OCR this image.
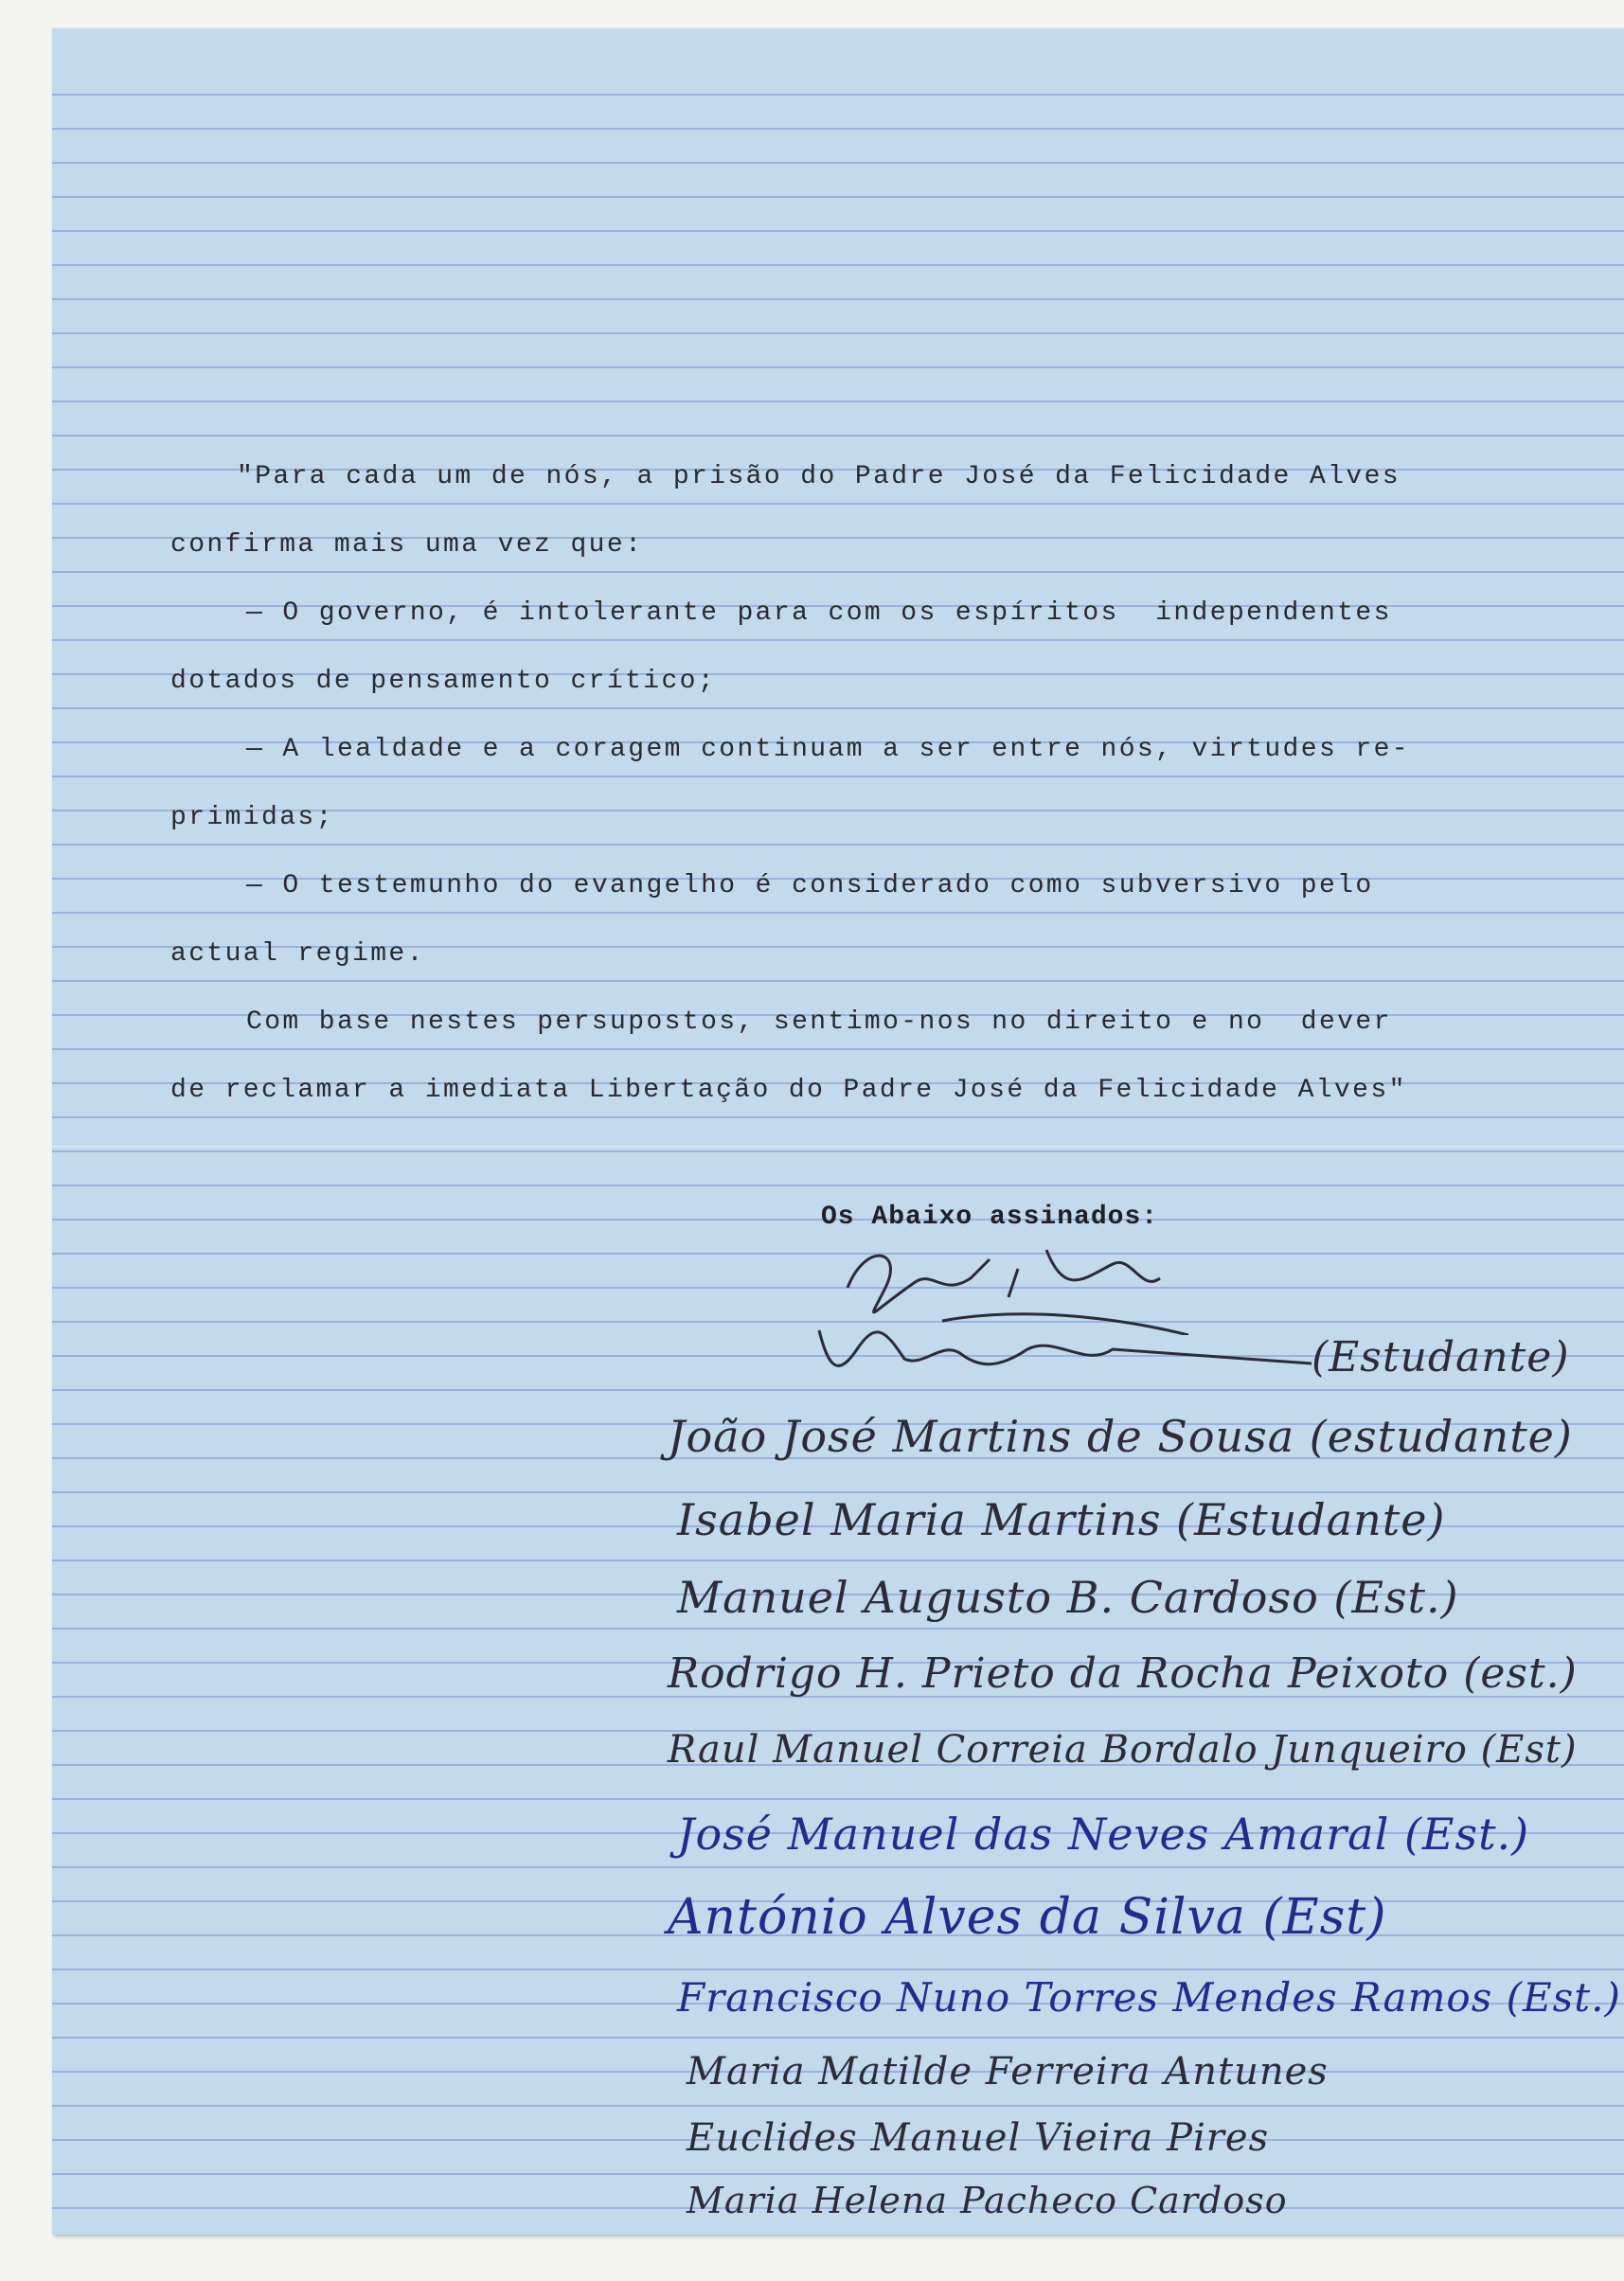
"Para cada um de nós, a prisão do Padre José da Felicidade Alves
confirma mais uma vez que:
— O governo, é intolerante para com os espíritos  independentes
dotados de pensamento crítico;
— A lealdade e a coragem continuam a ser entre nós, virtudes re-
primidas;
— O testemunho do evangelho é considerado como subversivo pelo
actual regime.
Com base nestes persupostos, sentimo-nos no direito e no  dever
de reclamar a imediata Libertação do Padre José da Felicidade Alves"
Os Abaixo assinados:
(Estudante)
João José Martins de Sousa (estudante)
Isabel Maria Martins (Estudante)
Manuel Augusto B. Cardoso (Est.)
Rodrigo H. Prieto da Rocha Peixoto (est.)
Raul Manuel Correia Bordalo Junqueiro (Est)
José Manuel das Neves Amaral (Est.)
António Alves da Silva (Est)
Francisco Nuno Torres Mendes Ramos (Est.)
Maria Matilde Ferreira Antunes
Euclides Manuel Vieira Pires
Maria Helena Pacheco Cardoso
